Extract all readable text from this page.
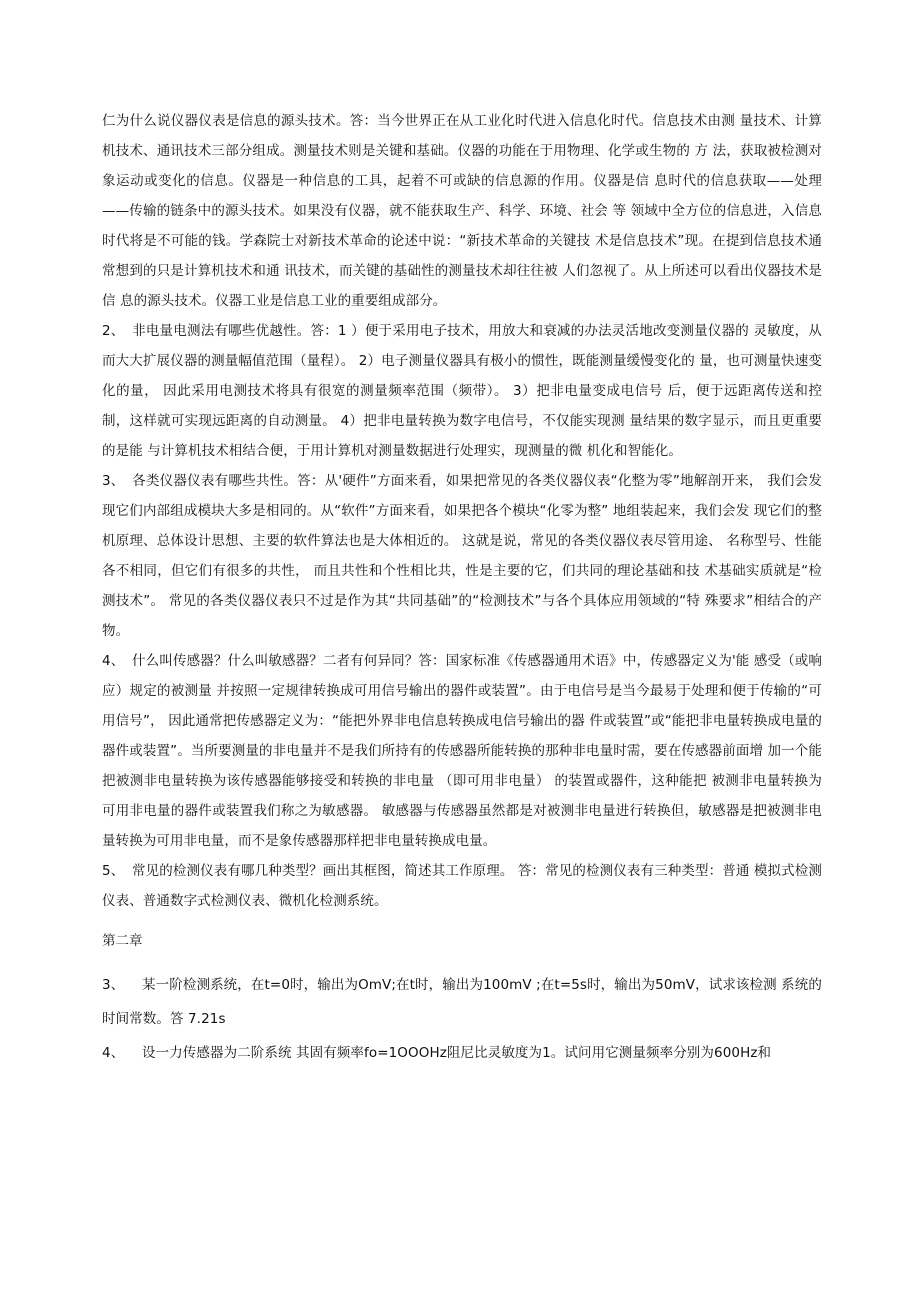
仁为什么说仪器仪表是信息的源头技术。答：当今世界正在从工业化时代进入信息化时代。信息技术由测 量技术、计算机技术、通讯技术三部分组成。测量技术则是关键和基础。仪器的功能在于用物理、化学或生物的 方 法，获取被检测对象运动或变化的信息。仪器是一种信息的工具，起着不可或缺的信息源的作用。仪器是信 息时代的信息获取——处理——传输的链条中的源头技术。如果没有仪器，就不能获取生产、科学、环境、社会 等 领域中全方位的信息进，入信息时代将是不可能的钱。学森院士对新技术革命的论述中说：“新技术革命的关键技 术是信息技术”现。在提到信息技术通常想到的只是计算机技术和通 讯技术，而关键的基础性的测量技术却往往被 人们忽视了。从上所述可以看出仪器技术是信 息的源头技术。仪器工业是信息工业的重要组成部分。

2、 非电量电测法有哪些优越性。答：1 ）便于采用电子技术，用放大和衰减的办法灵活地改变测量仪器的 灵敏度，从而大大扩展仪器的测量幅值范围（量程）。 2）电子测量仪器具有极小的惯性，既能测量缓慢变化的 量，也可测量快速变化的量， 因此采用电测技术将具有很宽的测量频率范围（频带）。 3）把非电量变成电信号 后，便于远距离传送和控制，这样就可实现远距离的自动测量。 4）把非电量转换为数字电信号，不仅能实现测 量结果的数字显示，而且更重要的是能 与计算机技术相结合便，于用计算机对测量数据进行处理实，现测量的微 机化和智能化。

3、 各类仪器仪表有哪些共性。答：从'硬件”方面来看，如果把常见的各类仪器仪表“化整为零”地解剖开来， 我们会发现它们内部组成模块大多是相同的。从“软件”方面来看，如果把各个模块“化零为整” 地组装起来，我们会发 现它们的整机原理、总体设计思想、主要的软件算法也是大体相近的。 这就是说，常见的各类仪器仪表尽管用途、 名称型号、性能各不相同，但它们有很多的共性， 而且共性和个性相比共，性是主要的它，们共同的理论基础和技 术基础实质就是“检测技术”。 常见的各类仪器仪表只不过是作为其“共同基础”的“检测技术”与各个具体应用领域的“特 殊要求”相结合的产物。

4、 什么叫传感器？什么叫敏感器？二者有何异同？答：国家标准《传感器通用术语》中，传感器定义为'能 感受（或响应）规定的被测量 并按照一定规律转换成可用信号输出的器件或装置”。由于电信号是当今最易于处理和便于传输的“可用信号”， 因此通常把传感器定义为：“能把外界非电信息转换成电信号输出的器 件或装置”或“能把非电量转换成电量的 器件或装置”。当所要测量的非电量并不是我们所持有的传感器所能转换的那种非电量时需，要在传感器前面增 加一个能把被测非电量转换为该传感器能够接受和转换的非电量 （即可用非电量） 的装置或器件，这种能把 被测非电量转换为可用非电量的器件或装置我们称之为敏感器。 敏感器与传感器虽然都是对被测非电量进行转换但，敏感器是把被测非电量转换为可用非电量，而不是象传感器那样把非电量转换成电量。

5、 常见的检测仪表有哪几种类型？画出其框图，简述其工作原理。 答：常见的检测仪表有三种类型：普通 模拟式检测仪表、普通数字式检测仪表、微机化检测系统。

第二章

3、 某一阶检测系统，在t=0时，输出为OmV;在t时，输出为100mV ;在t=5s时，输出为50mV，试求该检测 系统的时间常数。答 7.21s

4、 设一力传感器为二阶系统 其固有频率fo=1OOOHz阻尼比灵敏度为1。试问用它测量频率分别为600Hz和
